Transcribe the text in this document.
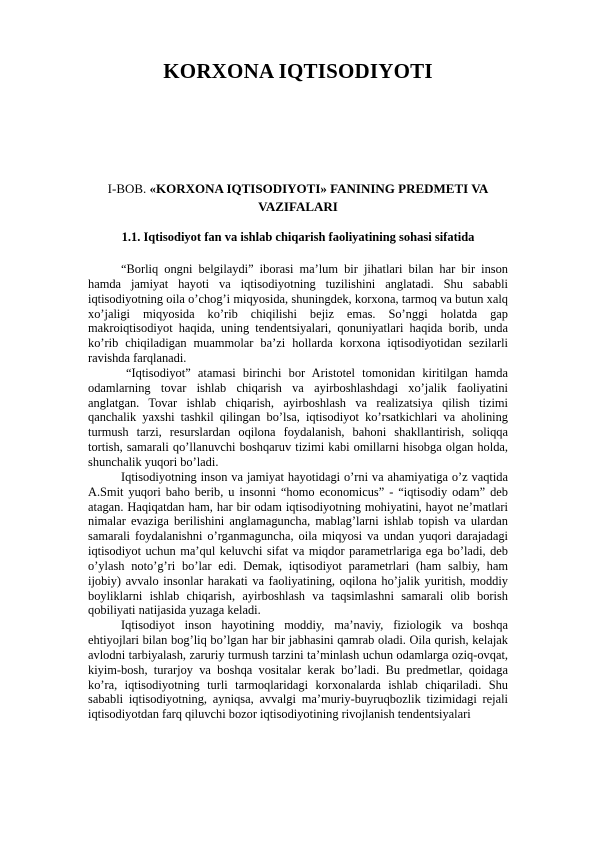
KORXONA IQTISODIYOTI
I-BOB. «KORXONA IQTISODIYOTI» FANINING PREDMETI VA VAZIFALARI
1.1. Iqtisodiyot fan va ishlab chiqarish faoliyatining sohasi sifatida

“Borliq ongni belgilaydi” iborasi ma’lum bir jihatlari bilan har bir inson hamda jamiyat hayoti va iqtisodiyotning tuzilishini anglatadi. Shu sababli iqtisodiyotning oila o’chog’i miqyosida, shuningdek, korxona, tarmoq va butun xalq xo’jaligi miqyosida ko’rib chiqilishi bejiz emas. So’nggi holatda gap makroiqtisodiyot haqida, uning tendentsiyalari, qonuniyatlari haqida borib, unda ko’rib chiqiladigan muammolar ba’zi hollarda korxona iqtisodiyotidan sezilarli ravishda farqlanadi.

“Iqtisodiyot” atamasi birinchi bor Aristotel tomonidan kiritilgan hamda odamlarning tovar ishlab chiqarish va ayirboshlashdagi xo’jalik faoliyatini anglatgan. Tovar ishlab chiqarish, ayirboshlash va realizatsiya qilish tizimi qanchalik yaxshi tashkil qilingan bo’lsa, iqtisodiyot ko’rsatkichlari va aholining turmush tarzi, resurslardan oqilona foydalanish, bahoni shakllantirish, soliqqa tortish, samarali qo’llanuvchi boshqaruv tizimi kabi omillarni hisobga olgan holda, shunchalik yuqori bo’ladi.

Iqtisodiyotning inson va jamiyat hayotidagi o’rni va ahamiyatiga o’z vaqtida A.Smit yuqori baho berib, u insonni “homo economicus” - “iqtisodiy odam” deb atagan. Haqiqatdan ham, har bir odam iqtisodiyotning mohiyatini, hayot ne’matlari nimalar evaziga berilishini anglamaguncha, mablag’larni ishlab topish va ulardan samarali foydalanishni o’rganmaguncha, oila miqyosi va undan yuqori darajadagi iqtisodiyot uchun ma’qul keluvchi sifat va miqdor parametrlariga ega bo’ladi, deb o’ylash noto’g’ri bo’lar edi. Demak, iqtisodiyot parametrlari (ham salbiy, ham ijobiy) avvalo insonlar harakati va faoliyatining, oqilona ho’jalik yuritish, moddiy boyliklarni ishlab chiqarish, ayirboshlash va taqsimlashni samarali olib borish qobiliyati natijasida yuzaga keladi.

Iqtisodiyot inson hayotining moddiy, ma’naviy, fiziologik va boshqa ehtiyojlari bilan bog’liq bo’lgan har bir jabhasini qamrab oladi. Oila qurish, kelajak avlodni tarbiyalash, zaruriy turmush tarzini ta’minlash uchun odamlarga oziq-ovqat, kiyim-bosh, turarjoy va boshqa vositalar kerak bo’ladi. Bu predmetlar, qoidaga ko’ra, iqtisodiyotning turli tarmoqlaridagi korxonalarda ishlab chiqariladi. Shu sababli iqtisodiyotning, ayniqsa, avvalgi ma’muriy-buyruqbozlik tizimidagi rejali iqtisodiyotdan farq qiluvchi bozor iqtisodiyotining rivojlanish tendentsiyalari
